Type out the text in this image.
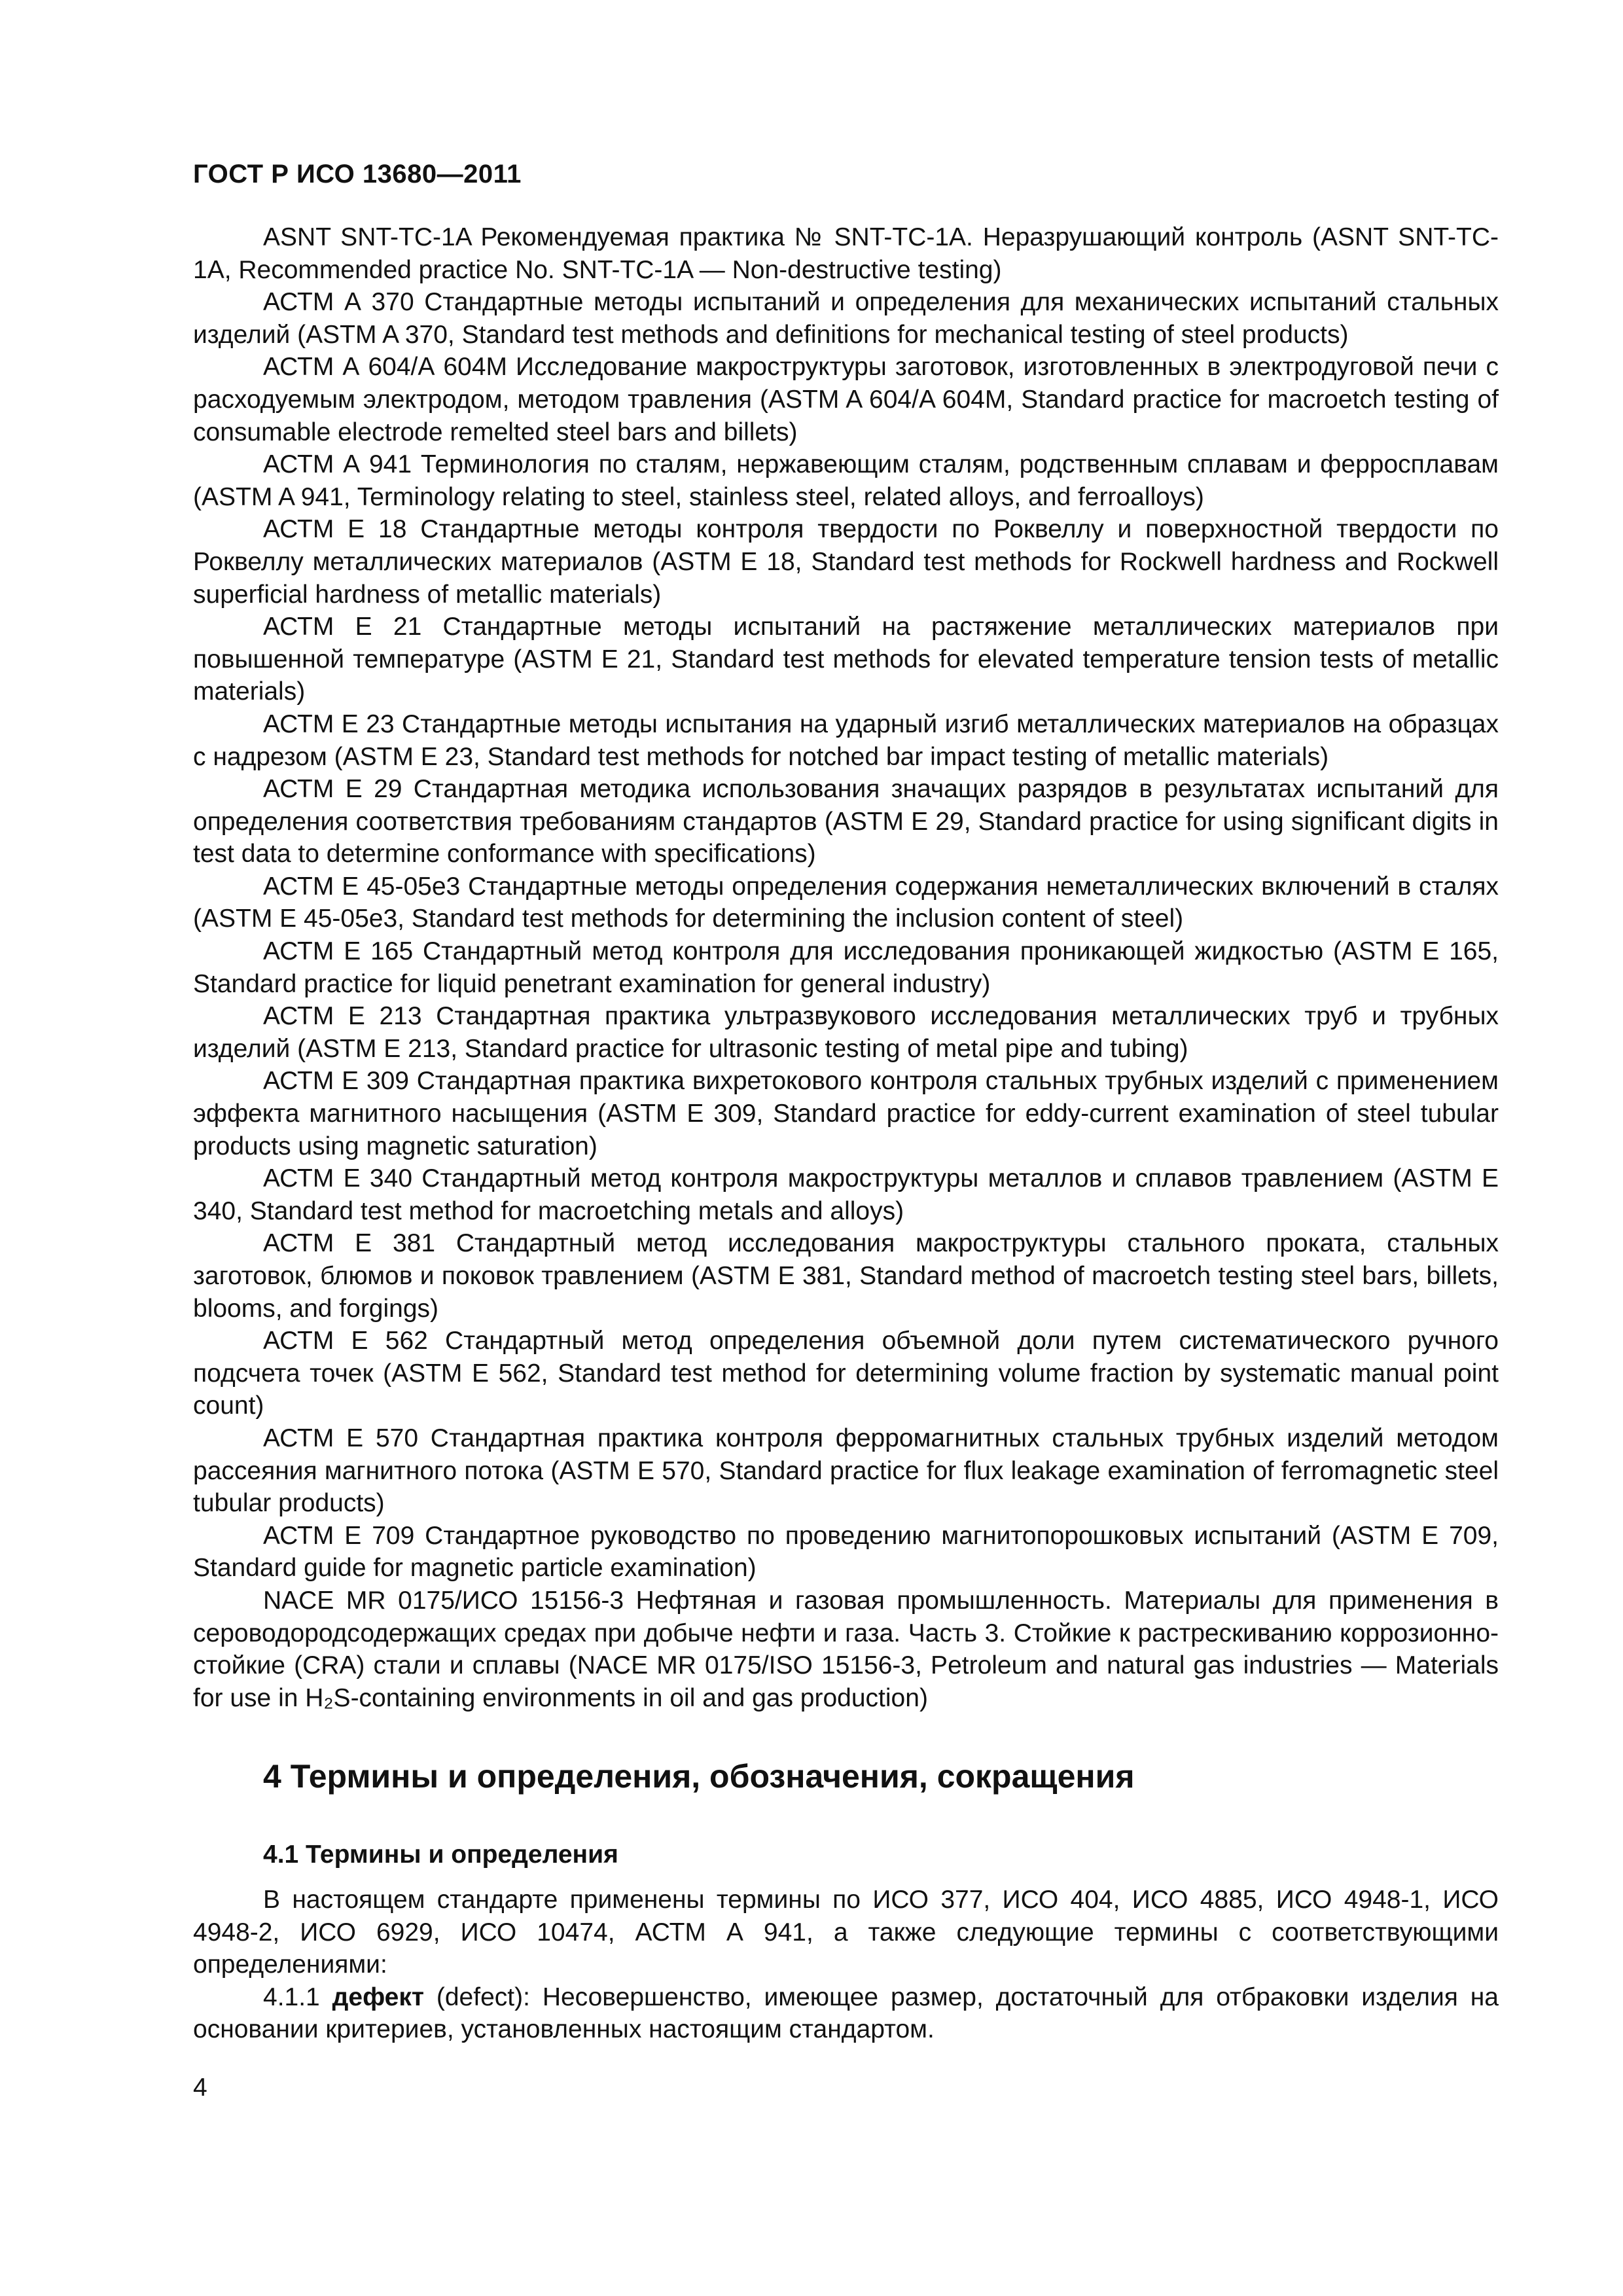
ГОСТ Р ИСО 13680—2011

ASNT SNT-TC-1A Рекомендуемая практика № SNT-TC-1A. Неразрушающий контроль (ASNT SNT-TC-1A, Recommended practice No. SNT-TC-1A — Non-destructive testing)

АСТМ А 370 Стандартные методы испытаний и определения для механических испытаний стальных изделий (ASTM A 370, Standard test methods and definitions for mechanical testing of steel products)

АСТМ А 604/А 604M Исследование макроструктуры заготовок, изготовленных в электродуговой печи с расходуемым электродом, методом травления (ASTM A 604/A 604M, Standard practice for macroetch testing of consumable electrode remelted steel bars and billets)

АСТМ А 941 Терминология по сталям, нержавеющим сталям, родственным сплавам и ферросплавам (ASTM A 941, Terminology relating to steel, stainless steel, related alloys, and ferroalloys)

АСТМ Е 18 Стандартные методы контроля твердости по Роквеллу и поверхностной твердости по Роквеллу металлических материалов (ASTM E 18, Standard test methods for Rockwell hardness and Rockwell superficial hardness of metallic materials)

АСТМ Е 21 Стандартные методы испытаний на растяжение металлических материалов при повышенной температуре (ASTM E 21, Standard test methods for elevated temperature tension tests of metallic materials)

АСТМ Е 23 Стандартные методы испытания на ударный изгиб металлических материалов на образцах с надрезом (ASTM E 23, Standard test methods for notched bar impact testing of metallic materials)

АСТМ Е 29 Стандартная методика использования значащих разрядов в результатах испытаний для определения соответствия требованиям стандартов (ASTM E 29, Standard practice for using significant digits in test data to determine conformance with specifications)

АСТМ Е 45-05е3 Стандартные методы определения содержания неметаллических включений в сталях (ASTM E 45-05e3, Standard test methods for determining the inclusion content of steel)

АСТМ Е 165 Стандартный метод контроля для исследования проникающей жидкостью (ASTM E 165, Standard practice for liquid penetrant examination for general industry)

АСТМ Е 213 Стандартная практика ультразвукового исследования металлических труб и трубных изделий (ASTM E 213, Standard practice for ultrasonic testing of metal pipe and tubing)

АСТМ Е 309 Стандартная практика вихретокового контроля стальных трубных изделий с применением эффекта магнитного насыщения (ASTM E 309, Standard practice for eddy-current examination of steel tubular products using magnetic saturation)

АСТМ Е 340 Стандартный метод контроля макроструктуры металлов и сплавов травлением (ASTM E 340, Standard test method for macroetching metals and alloys)

АСТМ Е 381 Стандартный метод исследования макроструктуры стального проката, стальных заготовок, блюмов и поковок травлением (ASTM E 381, Standard method of macroetch testing steel bars, billets, blooms, and forgings)

АСТМ Е 562 Стандартный метод определения объемной доли путем систематического ручного подсчета точек (ASTM E 562, Standard test method for determining volume fraction by systematic manual point count)

АСТМ Е 570 Стандартная практика контроля ферромагнитных стальных трубных изделий методом рассеяния магнитного потока (ASTM E 570, Standard practice for flux leakage examination of ferromagnetic steel tubular products)

АСТМ Е 709 Стандартное руководство по проведению магнитопорошковых испытаний (ASTM E 709, Standard guide for magnetic particle examination)

NACE MR 0175/ИСО 15156-3 Нефтяная и газовая промышленность. Материалы для применения в сероводородсодержащих средах при добыче нефти и газа. Часть 3. Стойкие к растрескиванию коррозионно-стойкие (CRA) стали и сплавы (NACE MR 0175/ISO 15156-3, Petroleum and natural gas industries — Materials for use in H₂S-containing environments in oil and gas production)

4 Термины и определения, обозначения, сокращения
4.1 Термины и определения

В настоящем стандарте применены термины по ИСО 377, ИСО 404, ИСО 4885, ИСО 4948-1, ИСО 4948-2, ИСО 6929, ИСО 10474, АСТМ А 941, а также следующие термины с соответствующими определениями:

4.1.1 дефект (defect): Несовершенство, имеющее размер, достаточный для отбраковки изделия на основании критериев, установленных настоящим стандартом.

4
